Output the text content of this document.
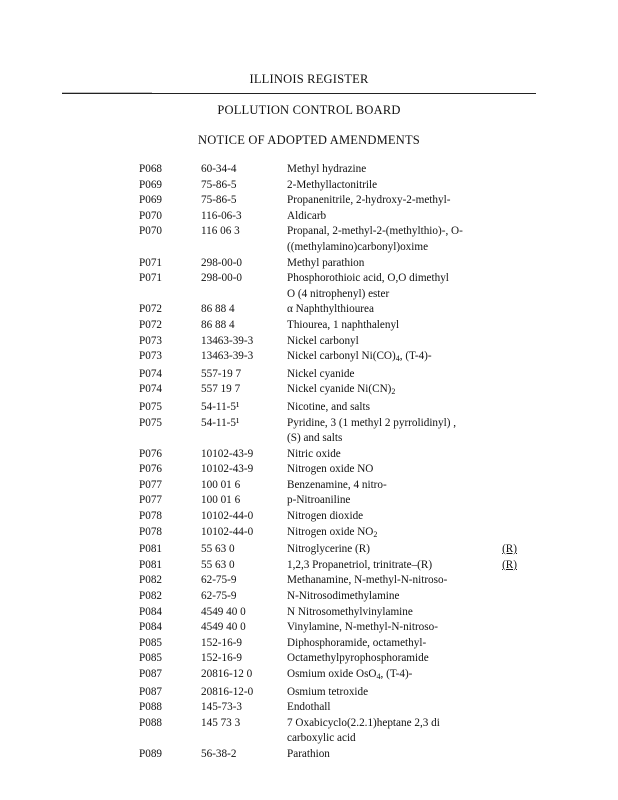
ILLINOIS REGISTER
POLLUTION CONTROL BOARD
NOTICE OF ADOPTED AMENDMENTS
P068	60-34-4	Methyl hydrazine
P069	75-86-5	2-Methyllactonitrile
P069	75-86-5	Propanenitrile, 2-hydroxy-2-methyl-
P070	116-06-3	Aldicarb
P070	116 06 3	Propanal, 2-methyl-2-(methylthio)-, O-
((methylamino)carbonyl)oxime
P071	298-00-0	Methyl parathion
P071	298-00-0	Phosphorothioic acid, O,O dimethyl
O (4 nitrophenyl) ester
P072	86 88 4	α Naphthylthiourea
P072	86 88 4	Thiourea, 1 naphthalenyl
P073	13463-39-3	Nickel carbonyl
P073	13463-39-3	Nickel carbonyl $Ni(CO)_4$, (T-4)-
P074	557-19 7	Nickel cyanide
P074	557 19 7	Nickel cyanide $Ni(CN)_2$
P075	54-11-5¹	Nicotine, and salts
P075	54-11-5¹	Pyridine, 3 (1 methyl 2 pyrrolidinyl) ,
(S) and salts
P076	10102-43-9	Nitric oxide
P076	10102-43-9	Nitrogen oxide NO
P077	100 01 6	Benzenamine, 4 nitro-
P077	100 01 6	p-Nitroaniline
P078	10102-44-0	Nitrogen dioxide
P078	10102-44-0	Nitrogen oxide $NO_2$
P081	55 63 0	Nitroglycerine (R)	(R)
P081	55 63 0	1,2,3 Propanetriol, trinitrate–(R)	(R)
P082	62-75-9	Methanamine, N-methyl-N-nitroso-
P082	62-75-9	N-Nitrosodimethylamine
P084	4549 40 0	N Nitrosomethylvinylamine
P084	4549 40 0	Vinylamine, N-methyl-N-nitroso-
P085	152-16-9	Diphosphoramide, octamethyl-
P085	152-16-9	Octamethylpyrophosphoramide
P087	20816-12 0	Osmium oxide OsO$_4$, (T-4)-
P087	20816-12-0	Osmium tetroxide
P088	145-73-3	Endothall
P088	145 73 3	7 Oxabicyclo(2.2.1)heptane 2,3 di
carboxylic acid
P089	56-38-2	Parathion
